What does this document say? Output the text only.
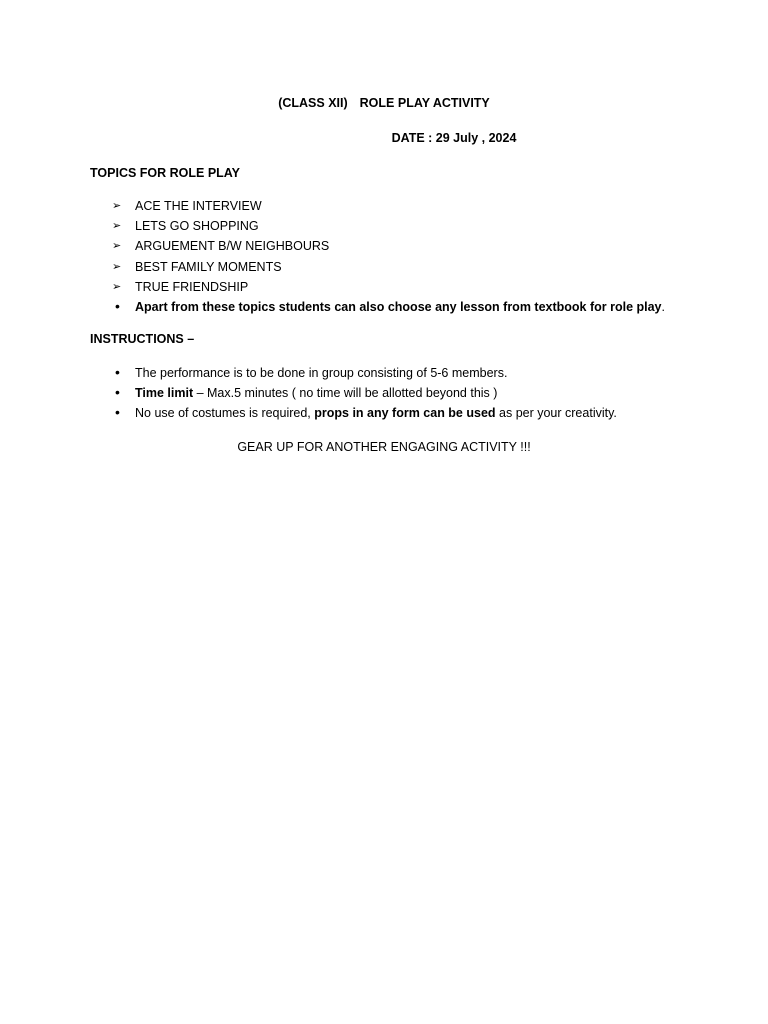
(CLASS XII) ROLE PLAY ACTIVITY
DATE : 29 July , 2024
TOPICS FOR ROLE PLAY
➢	ACE THE INTERVIEW
➢	LETS GO SHOPPING
➢	ARGUEMENT B/W NEIGHBOURS
➢	BEST FAMILY MOMENTS
➢	TRUE FRIENDSHIP
•	Apart from these topics students can also choose any lesson from textbook for role play.
INSTRUCTIONS –
•	The performance is to be done in group consisting of 5-6 members.
•	Time limit – Max.5 minutes ( no time will be allotted beyond this )
•	No use of costumes is required, props in any form can be used as per your creativity.
GEAR UP FOR ANOTHER ENGAGING ACTIVITY !!!
